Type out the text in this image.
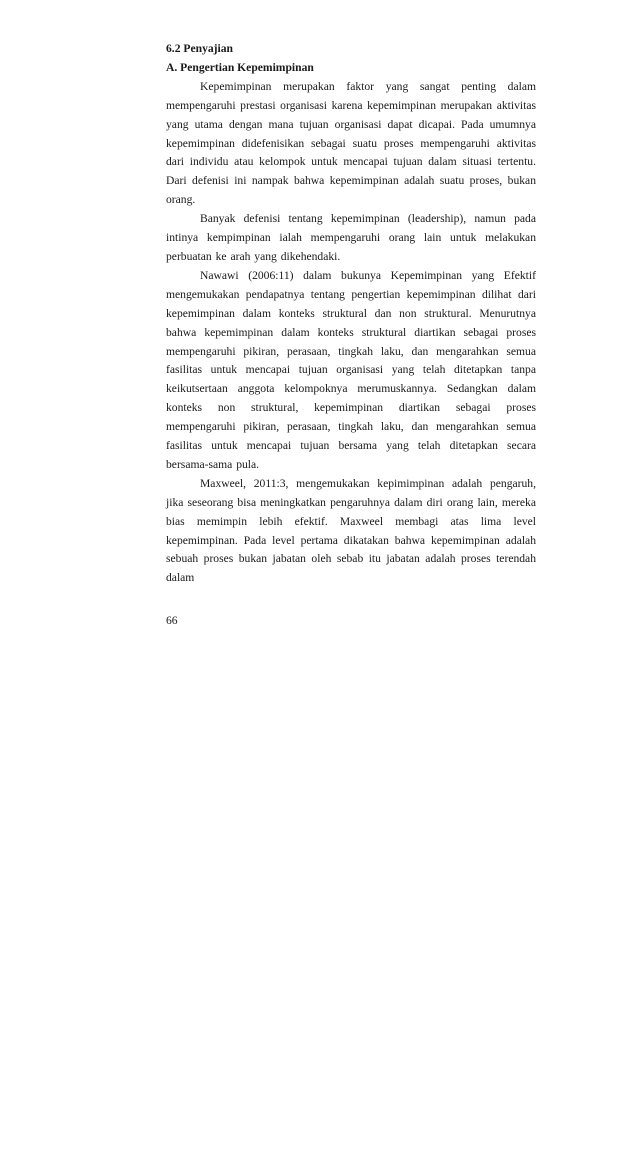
6.2 Penyajian

A. Pengertian Kepemimpinan

Kepemimpinan merupakan faktor yang sangat penting dalam mempengaruhi prestasi organisasi karena kepemimpinan merupakan aktivitas yang utama dengan mana tujuan organisasi dapat dicapai. Pada umumnya kepemimpinan didefenisikan sebagai suatu proses mempengaruhi aktivitas dari individu atau kelompok untuk mencapai tujuan dalam situasi tertentu. Dari defenisi ini nampak bahwa kepemimpinan adalah suatu proses, bukan orang.

Banyak defenisi tentang kepemimpinan (leadership), namun pada intinya kempimpinan ialah mempengaruhi orang lain untuk melakukan perbuatan ke arah yang dikehendaki.

Nawawi (2006:11) dalam bukunya Kepemimpinan yang Efektif mengemukakan pendapatnya tentang pengertian kepemimpinan dilihat dari kepemimpinan dalam konteks struktural dan non struktural. Menurutnya bahwa kepemimpinan dalam konteks struktural diartikan sebagai proses mempengaruhi pikiran, perasaan, tingkah laku, dan mengarahkan semua fasilitas untuk mencapai tujuan organisasi yang telah ditetapkan tanpa keikutsertaan anggota kelompoknya merumuskannya. Sedangkan dalam konteks non struktural, kepemimpinan diartikan sebagai proses mempengaruhi pikiran, perasaan, tingkah laku, dan mengarahkan semua fasilitas untuk mencapai tujuan bersama yang telah ditetapkan secara bersama-sama pula.

Maxweel, 2011:3, mengemukakan kepimimpinan adalah pengaruh, jika seseorang bisa meningkatkan pengaruhnya dalam diri orang lain, mereka bias memimpin lebih efektif. Maxweel membagi atas lima level kepemimpinan. Pada level pertama dikatakan bahwa kepemimpinan adalah sebuah proses bukan jabatan oleh sebab itu jabatan adalah proses terendah dalam

66
